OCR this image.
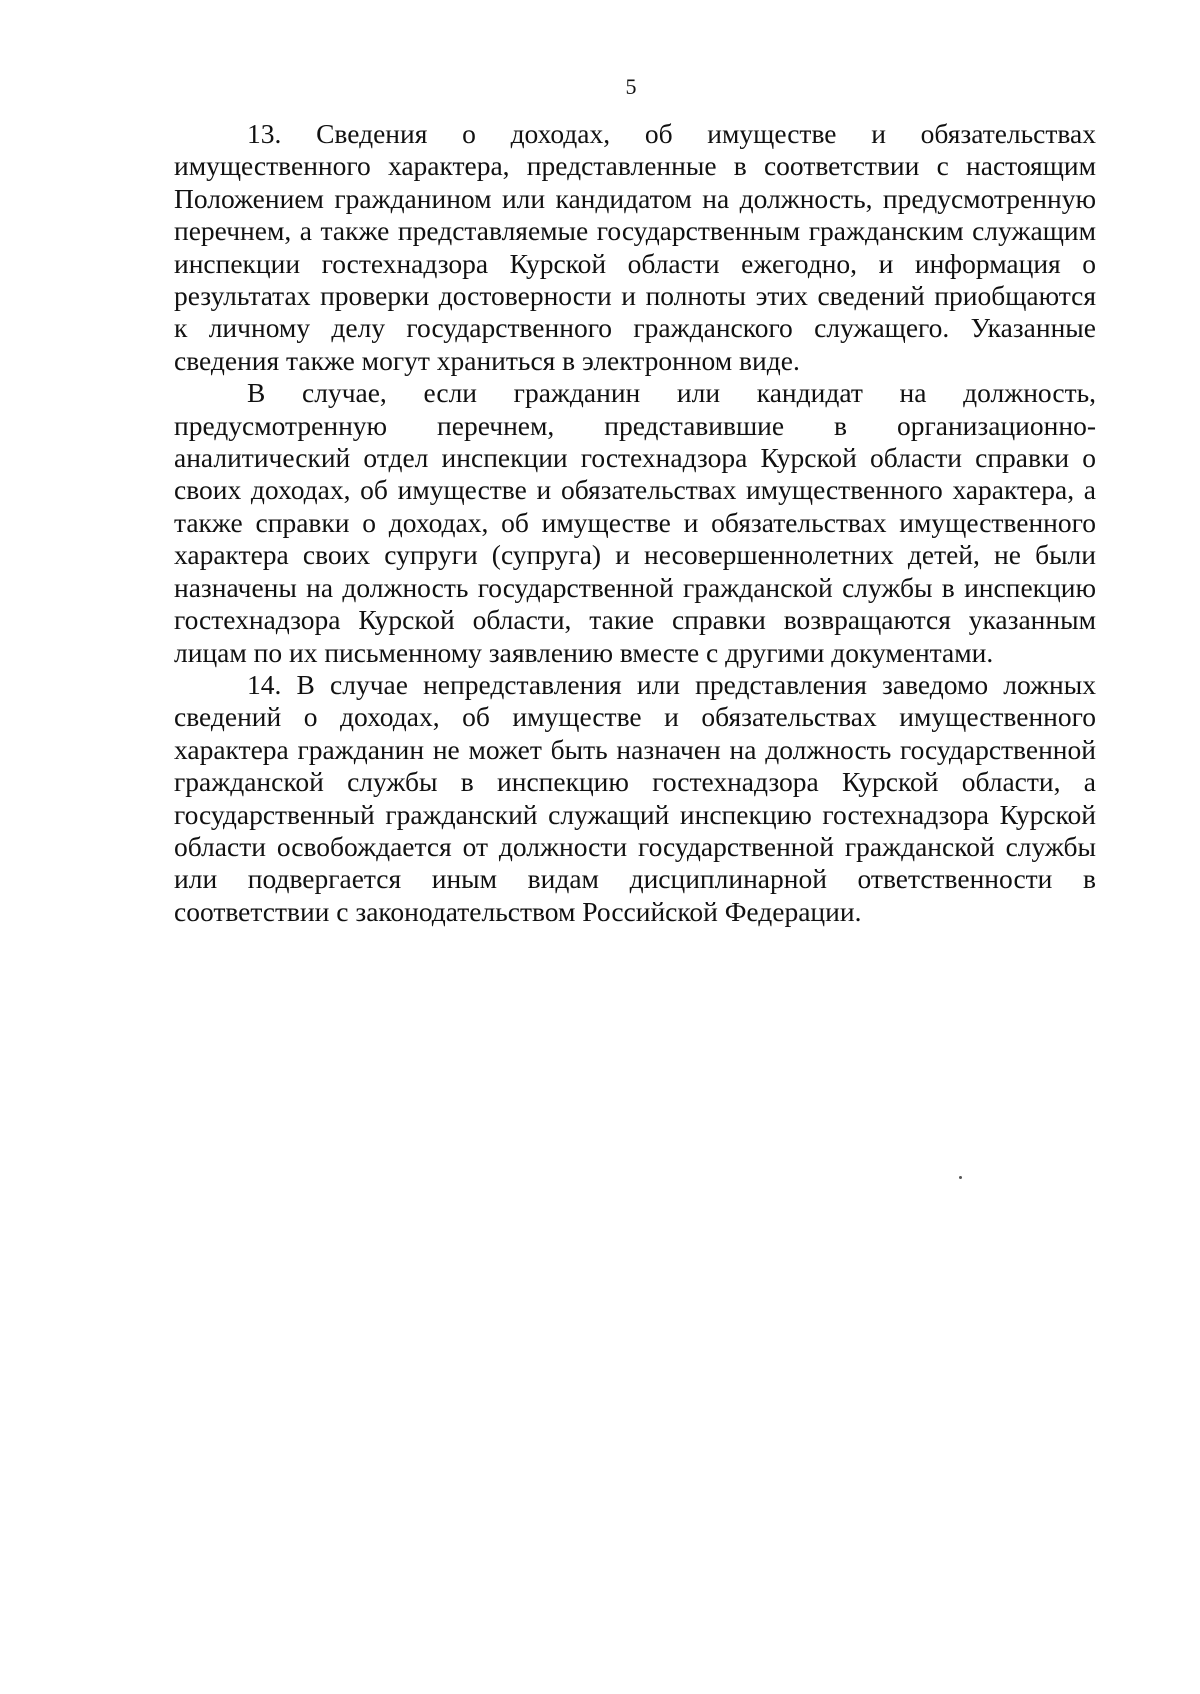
5

13. Сведения о доходах, об имуществе и обязательствах имущественного характера, представленные в соответствии с настоящим Положением гражданином или кандидатом на должность, предусмотренную перечнем, а также представляемые государственным гражданским служащим инспекции гостехнадзора Курской области ежегодно, и информация о результатах проверки достоверности и полноты этих сведений приобщаются к личному делу государственного гражданского служащего. Указанные сведения также могут храниться в электронном виде.

В случае, если гражданин или кандидат на должность, предусмотренную перечнем, представившие в организационно-аналитический отдел инспекции гостехнадзора Курской области справки о своих доходах, об имуществе и обязательствах имущественного характера, а также справки о доходах, об имуществе и обязательствах имущественного характера своих супруги (супруга) и несовершеннолетних детей, не были назначены на должность государственной гражданской службы в инспекцию гостехнадзора Курской области, такие справки возвращаются указанным лицам по их письменному заявлению вместе с другими документами.

14. В случае непредставления или представления заведомо ложных сведений о доходах, об имуществе и обязательствах имущественного характера гражданин не может быть назначен на должность государственной гражданской службы в инспекцию гостехнадзора Курской области, а государственный гражданский служащий инспекцию гостехнадзора Курской области освобождается от должности государственной гражданской службы или подвергается иным видам дисциплинарной ответственности в соответствии с законодательством Российской Федерации.
